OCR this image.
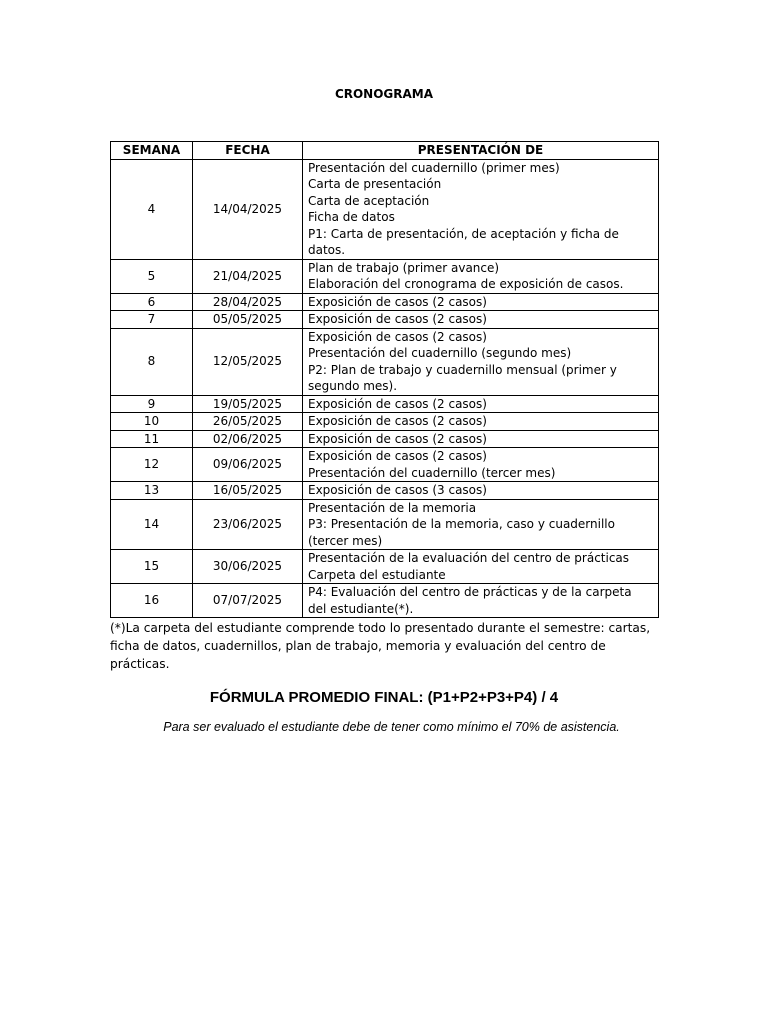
CRONOGRAMA
SEMANA	FECHA	PRESENTACIÓN DE
4	14/04/2025	Presentación del cuadernillo (primer mes)
Carta de presentación
Carta de aceptación
Ficha de datos
P1: Carta de presentación, de aceptación y ficha de datos.

5	21/04/2025	Plan de trabajo (primer avance)
Elaboración del cronograma de exposición de casos.

6	28/04/2025	Exposición de casos (2 casos)

7	05/05/2025	Exposición de casos (2 casos)

8	12/05/2025	Exposición de casos (2 casos)
Presentación del cuadernillo (segundo mes)
P2: Plan de trabajo y cuadernillo mensual (primer y segundo mes).

9	19/05/2025	Exposición de casos (2 casos)

10	26/05/2025	Exposición de casos (2 casos)

11	02/06/2025	Exposición de casos (2 casos)

12	09/06/2025	Exposición de casos (2 casos)
Presentación del cuadernillo (tercer mes)

13	16/05/2025	Exposición de casos (3 casos)

14	23/06/2025	Presentación de la memoria
P3: Presentación de la memoria, caso y cuadernillo (tercer mes)

15	30/06/2025	Presentación de la evaluación del centro de prácticas
Carpeta del estudiante

16	07/07/2025	P4: Evaluación del centro de prácticas y de la carpeta del estudiante(*).
(*)La carpeta del estudiante comprende todo lo presentado durante el semestre: cartas, ficha de datos, cuadernillos, plan de trabajo, memoria y evaluación del centro de prácticas.
FÓRMULA PROMEDIO FINAL: (P1+P2+P3+P4) / 4
Para ser evaluado el estudiante debe de tener como mínimo el 70% de asistencia.
